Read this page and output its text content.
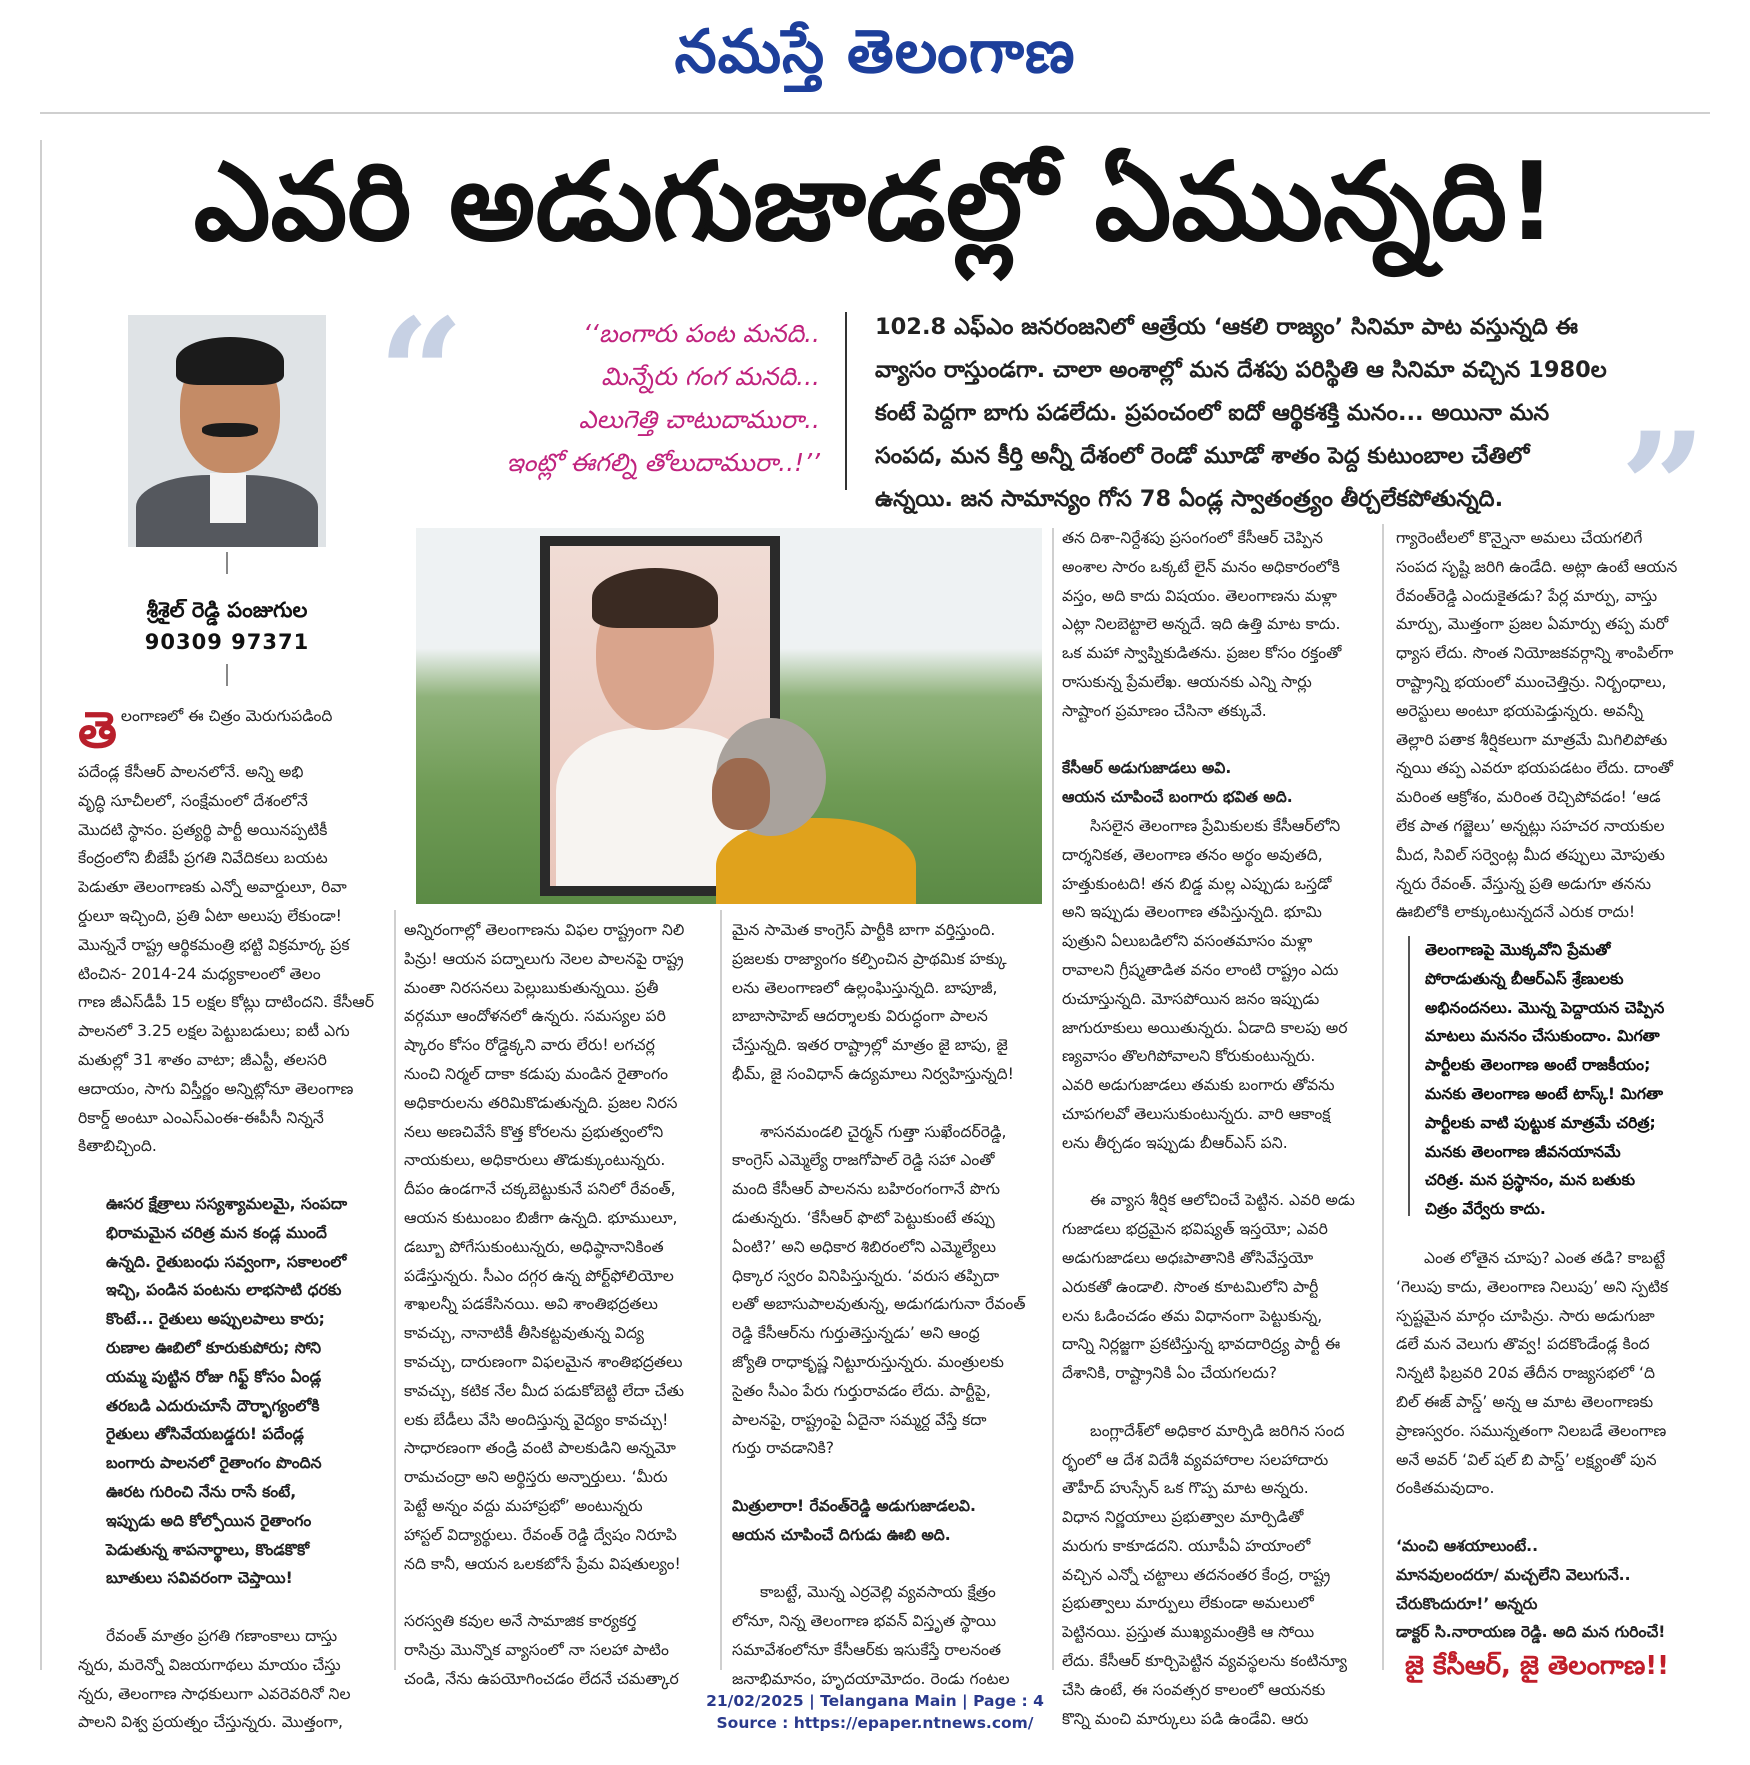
నమస్తే తెలంగాణ
ఎవరి అడుగుజాడల్లో ఏమున్నది!
శ్రీశైల్ రెడ్డి పంజుగుల
90309 97371
“	‘‘బంగారు పంట మనది..
మిన్నేరు గంగ మనది...
ఎలుగెత్తి చాటుదామురా..
ఇంట్లో ఈగల్ని తోలుదామురా..!’’
102.8 ఎఫ్ఎం జనరంజనిలో ఆత్రేయ ‘ఆకలి రాజ్యం’ సినిమా పాట వస్తున్నది ఈ
వ్యాసం రాస్తుండగా. చాలా అంశాల్లో మన దేశపు పరిస్థితి ఆ సినిమా వచ్చిన 1980ల
కంటే పెద్దగా బాగు పడలేదు. ప్రపంచంలో ఐదో ఆర్థికశక్తి మనం... అయినా మన
సంపద, మన కీర్తి అన్నీ దేశంలో రెండో మూడో శాతం పెద్ద కుటుంబాల చేతిలో
ఉన్నయి. జన సామాన్యం గోస 78 ఏండ్ల స్వాతంత్ర్యం తీర్చలేకపోతున్నది. ”
తెలంగాణలో ఈ చిత్రం మెరుగుపడింది
పదేండ్ల కేసీఆర్ పాలనలోనే. అన్ని అభి
వృద్ధి సూచీలలో, సంక్షేమంలో దేశంలోనే
మొదటి స్థానం. ప్రత్యర్థి పార్టీ అయినప్పటికీ
కేంద్రంలోని బీజేపీ ప్రగతి నివేదికలు బయట
పెడుతూ తెలంగాణకు ఎన్నో అవార్డులూ, రివా
ర్డులూ ఇచ్చింది, ప్రతి ఏటా అలుపు లేకుండా!
మొన్ననే రాష్ట్ర ఆర్థికమంత్రి భట్టి విక్రమార్క ప్రక
టించిన- 2014-24 మధ్యకాలంలో తెలం
గాణ జీఎస్‌డీపీ 15 లక్షల కోట్లు దాటిందని. కేసీఆర్
పాలనలో 3.25 లక్షల పెట్టుబడులు; ఐటీ ఎగు
మతుల్లో 31 శాతం వాటా; జీఎస్టీ, తలసరి
ఆదాయం, సాగు విస్తీర్ణం అన్నిట్లోనూ తెలంగాణ
రికార్డ్ అంటూ ఎంఎస్ఎంఈ-ఈపీసీ నిన్ననే
కితాబిచ్చింది.

ఊసర క్షేత్రాలు సస్యశ్యామలమై, సంపదా
భిరామమైన చరిత్ర మన కండ్ల ముందే
ఉన్నది. రైతుబంధు సవ్వంగా, సకాలంలో
ఇచ్చి, పండిన పంటను లాభసాటి ధరకు
కొంటే... రైతులు అప్పులపాలు కారు;
రుణాల ఊబిలో కూరుకుపోరు; సోని
యమ్మ పుట్టిన రోజు గిఫ్ట్ కోసం ఏండ్ల
తరబడి ఎదురుచూసే దౌర్భాగ్యంలోకి
రైతులు తోసివేయబడ్డరు! పదేండ్ల
బంగారు పాలనలో రైతాంగం పొందిన
ఊరట గురించి నేను రాసే కంటే,
ఇప్పుడు అది కోల్పోయిన రైతాంగం
పెడుతున్న శాపనార్థాలు, కొండకొకో
బూతులు సవివరంగా చెప్తాయి!

రేవంత్ మాత్రం ప్రగతి గణాంకాలు దాస్తు
న్నరు, మరెన్నో విజయగాథలు మాయం చేస్తు
న్నరు, తెలంగాణ సాధకులుగా ఎవరెవరినో నిల
పాలని విశ్వ ప్రయత్నం చేస్తున్నరు. మొత్తంగా,
అన్నిరంగాల్లో తెలంగాణను విఫల రాష్ట్రంగా నిలి
పిన్రు! ఆయన పద్నాలుగు నెలల పాలనపై రాష్ట్ర
మంతా నిరసనలు పెల్లుబుకుతున్నయి. ప్రతీ
వర్గమూ ఆందోళనలో ఉన్నరు. సమస్యల పరి
ష్కారం కోసం రోడ్డెక్కని వారు లేరు! లగచర్ల
నుంచి నిర్మల్ దాకా కడుపు మండిన రైతాంగం
అధికారులను తరిమికొడుతున్నది. ప్రజల నిరస
నలు అణచివేసే కొత్త కోరలను ప్రభుత్వంలోని
నాయకులు, అధికారులు తొడుక్కుంటున్నరు.
దీపం ఉండగానే చక్కబెట్టుకునే పనిలో రేవంత్,
ఆయన కుటుంబం బిజీగా ఉన్నది. భూములూ,
డబ్బూ పోగేసుకుంటున్నరు, అధిష్ఠానానికింత
పడేస్తున్నరు. సీఎం దగ్గర ఉన్న పోర్ట్‌ఫోలియోల
శాఖలన్నీ పడకేసినయి. అవి శాంతిభద్రతలు
కావచ్చు, నానాటికీ తీసికట్టవుతున్న విద్య
కావచ్చు, దారుణంగా విఫలమైన శాంతిభద్రతలు
కావచ్చు, కటిక నేల మీద పడుకోబెట్టి లేదా చేతు
లకు బేడీలు వేసి అందిస్తున్న వైద్యం కావచ్చు!
సాధారణంగా తండ్రి వంటి పాలకుడిని అన్నమో
రామచంద్రా అని అర్థిస్తరు అన్నార్తులు. ‘మీరు
పెట్టే అన్నం వద్దు మహాప్రభో’ అంటున్నరు
హాస్టల్ విద్యార్థులు. రేవంత్ రెడ్డి ద్వేషం నిరూపి
నది కానీ, ఆయన ఒలకబోసే ప్రేమ విషతుల్యం!

సరస్వతి కవుల అనే సామాజిక కార్యకర్త
రాసిన్రు మొన్నొక వ్యాసంలో నా సలహా పాటిం
చండి, నేను ఉపయోగించడం లేదనే చమత్కార
మైన సామెత కాంగ్రెస్ పార్టీకి బాగా వర్తిస్తుంది.
ప్రజలకు రాజ్యాంగం కల్పించిన ప్రాథమిక హక్కు
లను తెలంగాణలో ఉల్లంఘిస్తున్నది. బాపూజీ,
బాబాసాహెబ్ ఆదర్శాలకు విరుద్ధంగా పాలన
చేస్తున్నది. ఇతర రాష్ట్రాల్లో మాత్రం జై బాపు, జై
భీమ్, జై సంవిధాన్ ఉద్యమాలు నిర్వహిస్తున్నది!

శాసనమండలి చైర్మన్ గుత్తా సుఖేందర్‌రెడ్డి,
కాంగ్రెస్ ఎమ్మెల్యే రాజగోపాల్ రెడ్డి సహా ఎంతో
మంది కేసీఆర్ పాలనను బహిరంగంగానే పొగు
డుతున్నరు. ‘కేసీఆర్ ఫొటో పెట్టుకుంటే తప్పు
ఏంటి?’ అని అధికార శిబిరంలోని ఎమ్మెల్యేలు
ధిక్కార స్వరం వినిపిస్తున్నరు. ‘వరుస తప్పిదా
లతో అబాసుపాలవుతున్న, అడుగడుగునా రేవంత్
రెడ్డి కేసీఆర్‌ను గుర్తుతెస్తున్నడు’ అని ఆంధ్ర
జ్యోతి రాధాకృష్ణ నిట్టూరుస్తున్నరు. మంత్రులకు
సైతం సీఎం పేరు గుర్తురావడం లేదు. పార్టీపై,
పాలనపై, రాష్ట్రంపై ఏదైనా సమ్మర్ద వేస్తే కదా
గుర్తు రావడానికి?

మిత్రులారా! రేవంత్‌రెడ్డి అడుగుజాడలవి.
ఆయన చూపించే దిగుడు ఊబి అది.

కాబట్టే, మొన్న ఎర్రవెల్లి వ్యవసాయ క్షేత్రం
లోనూ, నిన్న తెలంగాణ భవన్ విస్తృత స్థాయి
సమావేశంలోనూ కేసీఆర్‌కు ఇసుకేస్తే రాలనంత
జనాభిమానం, హృదయామోదం. రెండు గంటల
తన దిశా-నిర్దేశపు ప్రసంగంలో కేసీఆర్ చెప్పిన
అంశాల సారం ఒక్కటే లైన్ మనం అధికారంలోకి
వస్తం, అది కాదు విషయం. తెలంగాణను మళ్లా
ఎట్లా నిలబెట్టాలె అన్నదే. ఇది ఉత్తి మాట కాదు.
ఒక మహా స్వాప్నికుడితను. ప్రజల కోసం రక్తంతో
రాసుకున్న ప్రేమలేఖ. ఆయనకు ఎన్ని సార్లు
సాష్టాంగ ప్రమాణం చేసినా తక్కువే.

కేసీఆర్ అడుగుజాడలు అవి.
ఆయన చూపించే బంగారు భవిత అది.
సిసలైన తెలంగాణ ప్రేమికులకు కేసీఆర్‌లోని
దార్శనికత, తెలంగాణ తనం అర్థం అవుతది,
హత్తుకుంటది! తన బిడ్డ మల్ల ఎప్పుడు ఒస్తడో
అని ఇప్పుడు తెలంగాణ తపిస్తున్నది. భూమి
పుత్రుని ఏలుబడిలోని వసంతమాసం మళ్లా
రావాలని గ్రీష్మతాడిత వనం లాంటి రాష్ట్రం ఎదు
రుచూస్తున్నది. మోసపోయిన జనం ఇప్పుడు
జాగురూకులు అయితున్నరు. ఏడాది కాలపు అర
ణ్యవాసం తొలగిపోవాలని కోరుకుంటున్నరు.
ఎవరి అడుగుజాడలు తమకు బంగారు తోవను
చూపగలవో తెలుసుకుంటున్నరు. వారి ఆకాంక్ష
లను తీర్చడం ఇప్పుడు బీఆర్ఎస్ పని.

ఈ వ్యాస శీర్షిక ఆలోచించే పెట్టిన. ఎవరి అడు
గుజాడలు భద్రమైన భవిష్యత్ ఇస్తయో; ఎవరి
అడుగుజాడలు అధఃపాతానికి తోసివేస్తయో
ఎరుకతో ఉండాలి. సొంత కూటమిలోని పార్టీ
లను ఓడించడం తమ విధానంగా పెట్టుకున్న,
దాన్ని నిర్లజ్జగా ప్రకటిస్తున్న భావదారిద్ర్య పార్టీ ఈ
దేశానికి, రాష్ట్రానికి ఏం చేయగలదు?

బంగ్లాదేశ్‌లో అధికార మార్పిడి జరిగిన సంద
ర్భంలో ఆ దేశ విదేశీ వ్యవహారాల సలహాదారు
తౌహీద్ హుస్సేన్ ఒక గొప్ప మాట అన్నరు.
విధాన నిర్ణయాలు ప్రభుత్వాల మార్పిడితో
మరుగు కాకూడదని. యూపీఏ హయాంలో
వచ్చిన ఎన్నో చట్టాలు తదనంతర కేంద్ర, రాష్ట్ర
ప్రభుత్వాలు మార్పులు లేకుండా అమలులో
పెట్టినయి. ప్రస్తుత ముఖ్యమంత్రికి ఆ సోయి
లేదు. కేసీఆర్ కూర్చిపెట్టిన వ్యవస్థలను కంటిన్యూ
చేసి ఉంటే, ఈ సంవత్సర కాలంలో ఆయనకు
కొన్ని మంచి మార్కులు పడి ఉండేవి. ఆరు
గ్యారెంటీలలో కొన్నైనా అమలు చేయగలిగే
సంపద సృష్టి జరిగి ఉండేది. అట్లా ఉంటే ఆయన
రేవంత్‌రెడ్డి ఎందుకైతడు? పేర్ల మార్పు, వాస్తు
మార్పు, మొత్తంగా ప్రజల ఏమార్పు తప్ప మరో
ధ్యాస లేదు. సొంత నియోజకవర్గాన్ని శాంపిల్‌గా
రాష్ట్రాన్ని భయంలో ముంచెత్తిన్రు. నిర్బంధాలు,
అరెస్టులు అంటూ భయపెడ్తున్నరు. అవన్నీ
తెల్లారి పతాక శీర్షికలుగా మాత్రమే మిగిలిపోతు
న్నయి తప్ప ఎవరూ భయపడటం లేదు. దాంతో
మరింత ఆక్రోశం, మరింత రెచ్చిపోవడం! ‘ఆడ
లేక పాత గజ్జెలు’ అన్నట్లు సహచర నాయకుల
మీద, సివిల్ సర్వెంట్ల మీద తప్పులు మోపుతు
న్నరు రేవంత్. వేస్తున్న ప్రతి అడుగూ తనను
ఊబిలోకి లాక్కుంటున్నదనే ఎరుక రాదు!
తెలంగాణపై మొక్కవోని ప్రేమతో
పోరాడుతున్న బీఆర్ఎస్ శ్రేణులకు
అభినందనలు. మొన్న పెద్దాయన చెప్పిన
మాటలు మననం చేసుకుందాం. మిగతా
పార్టీలకు తెలంగాణ అంటే రాజకీయం;
మనకు తెలంగాణ అంటే టాస్క్! మిగతా
పార్టీలకు వాటి పుట్టుక మాత్రమే చరిత్ర;
మనకు తెలంగాణ జీవనయానమే
చరిత్ర. మన ప్రస్థానం, మన బతుకు
చిత్రం వేర్వేరు కాదు.
ఎంత లోతైన చూపు? ఎంత తడి? కాబట్టే
‘గెలుపు కాదు, తెలంగాణ నిలుపు’ అని స్పటిక
స్పష్టమైన మార్గం చూపిన్రు. సారు అడుగుజా
డలే మన వెలుగు తొవ్వ! పదకొండేండ్ల కింద
నిన్నటి ఫిబ్రవరి 20వ తేదీన రాజ్యసభలో ‘ది
బిల్ ఈజ్ పాస్డ్’ అన్న ఆ మాట తెలంగాణకు
ప్రాణస్వరం. సమున్నతంగా నిలబడే తెలంగాణ
అనే అవర్ ‘విల్ షల్ బి పాస్డ్’ లక్ష్యంతో పున
రంకితమవుదాం.

‘మంచి ఆశయాలుంటే..
మానవులందరూ/ మచ్చలేని వెలుగునే..
చేరుకొందురూ!’ అన్నరు
డాక్టర్ సి.నారాయణ రెడ్డి. అది మన గురించే!
జై కేసీఆర్, జై తెలంగాణ!!
21/02/2025 | Telangana Main | Page : 4
Source : https://epaper.ntnews.com/
